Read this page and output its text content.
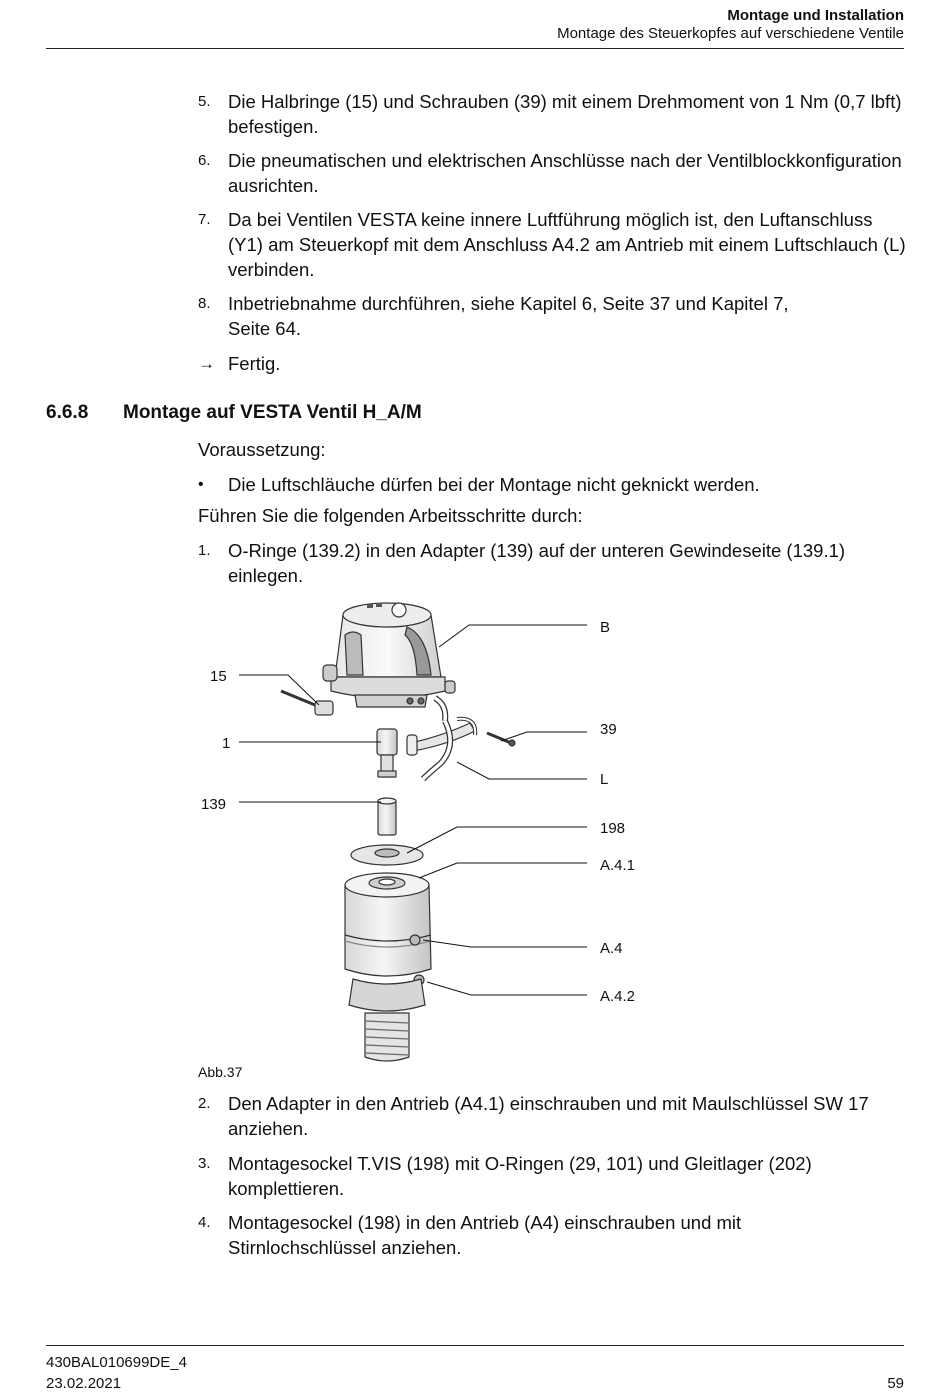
Montage und Installation
Montage des Steuerkopfes auf verschiedene Ventile
5. Die Halbringe (15) und Schrauben (39) mit einem Drehmoment von 1 Nm (0,7 lbft) befestigen.
6. Die pneumatischen und elektrischen Anschlüsse nach der Ventilblockkonfiguration ausrichten.
7. Da bei Ventilen VESTA keine innere Luftführung möglich ist, den Luftanschluss (Y1) am Steuerkopf mit dem Anschluss A4.2 am Antrieb mit einem Luftschlauch (L) verbinden.
8. Inbetriebnahme durchführen, siehe Kapitel 6, Seite 37 und Kapitel 7, Seite 64.
→ Fertig.
6.6.8 Montage auf VESTA Ventil H_A/M
Voraussetzung:
• Die Luftschläuche dürfen bei der Montage nicht geknickt werden.
Führen Sie die folgenden Arbeitsschritte durch:
1. O-Ringe (139.2) in den Adapter (139) auf der unteren Gewindeseite (139.1) einlegen.
B
15
1
39
L
139
198
A.4.1
A.4
A.4.2
Abb.37
2. Den Adapter in den Antrieb (A4.1) einschrauben und mit Maulschlüssel SW 17 anziehen.
3. Montagesockel T.VIS (198) mit O-Ringen (29, 101) und Gleitlager (202) komplettieren.
4. Montagesockel (198) in den Antrieb (A4) einschrauben und mit Stirnlochschlüssel anziehen.
430BAL010699DE_4
23.02.2021	59
